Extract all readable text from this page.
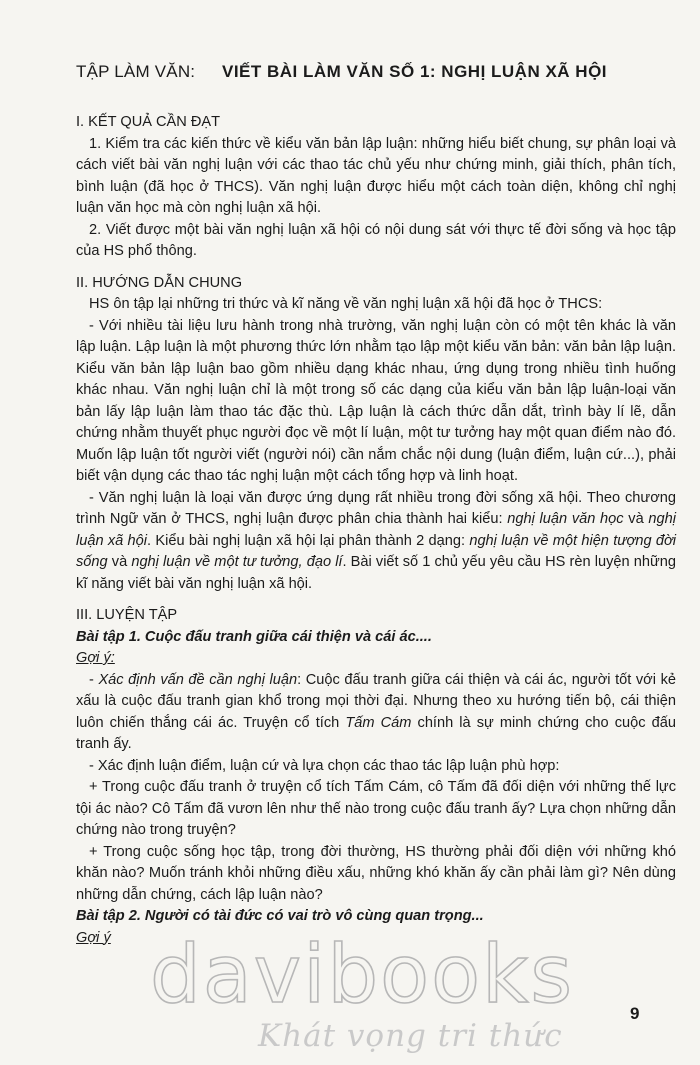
TẬP LÀM VĂN: VIẾT BÀI LÀM VĂN SỐ 1: NGHỊ LUẬN XÃ HỘI

I. KẾT QUẢ CẦN ĐẠT

1. Kiểm tra các kiến thức về kiểu văn bản lập luận: những hiểu biết chung, sự phân loại và cách viết bài văn nghị luận với các thao tác chủ yếu như chứng minh, giải thích, phân tích, bình luận (đã học ở THCS). Văn nghị luận được hiểu một cách toàn diện, không chỉ nghị luận văn học mà còn nghị luận xã hội.

2. Viết được một bài văn nghị luận xã hội có nội dung sát với thực tế đời sống và học tập của HS phổ thông.

II. HƯỚNG DẪN CHUNG

HS ôn tập lại những tri thức và kĩ năng về văn nghị luận xã hội đã học ở THCS:

- Với nhiều tài liệu lưu hành trong nhà trường, văn nghị luận còn có một tên khác là văn lập luận. Lập luận là một phương thức lớn nhằm tạo lập một kiểu văn bản: văn bản lập luận. Kiểu văn bản lập luận bao gồm nhiều dạng khác nhau, ứng dụng trong nhiều tình huống khác nhau. Văn nghị luận chỉ là một trong số các dạng của kiểu văn bản lập luận-loại văn bản lấy lập luận làm thao tác đặc thù. Lập luận là cách thức dẫn dắt, trình bày lí lẽ, dẫn chứng nhằm thuyết phục người đọc về một lí luận, một tư tưởng hay một quan điểm nào đó. Muốn lập luận tốt người viết (người nói) cần nắm chắc nội dung (luận điểm, luận cứ...), phải biết vận dụng các thao tác nghị luận một cách tổng hợp và linh hoạt.

- Văn nghị luận là loại văn được ứng dụng rất nhiều trong đời sống xã hội. Theo chương trình Ngữ văn ở THCS, nghị luận được phân chia thành hai kiểu: nghị luận văn học và nghị luận xã hội. Kiểu bài nghị luận xã hội lại phân thành 2 dạng: nghị luận về một hiện tượng đời sống và nghị luận về một tư tưởng, đạo lí. Bài viết số 1 chủ yếu yêu cầu HS rèn luyện những kĩ năng viết bài văn nghị luận xã hội.

III. LUYỆN TẬP

Bài tập 1. Cuộc đấu tranh giữa cái thiện và cái ác....

Gợi ý:

- Xác định vấn đề cần nghị luận: Cuộc đấu tranh giữa cái thiện và cái ác, người tốt với kẻ xấu là cuộc đấu tranh gian khổ trong mọi thời đại. Nhưng theo xu hướng tiến bộ, cái thiện luôn chiến thắng cái ác. Truyện cổ tích Tấm Cám chính là sự minh chứng cho cuộc đấu tranh ấy.

- Xác định luận điểm, luận cứ và lựa chọn các thao tác lập luận phù hợp:

+ Trong cuộc đấu tranh ở truyện cổ tích Tấm Cám, cô Tấm đã đối diện với những thế lực tội ác nào? Cô Tấm đã vươn lên như thế nào trong cuộc đấu tranh ấy? Lựa chọn những dẫn chứng nào trong truyện?

+ Trong cuộc sống học tập, trong đời thường, HS thường phải đối diện với những khó khăn nào? Muốn tránh khỏi những điều xấu, những khó khăn ấy cần phải làm gì? Nên dùng những dẫn chứng, cách lập luận nào?

Bài tập 2. Người có tài đức có vai trò vô cùng quan trọng...

Gợi ý davibooks
Khát vọng tri thức
9
